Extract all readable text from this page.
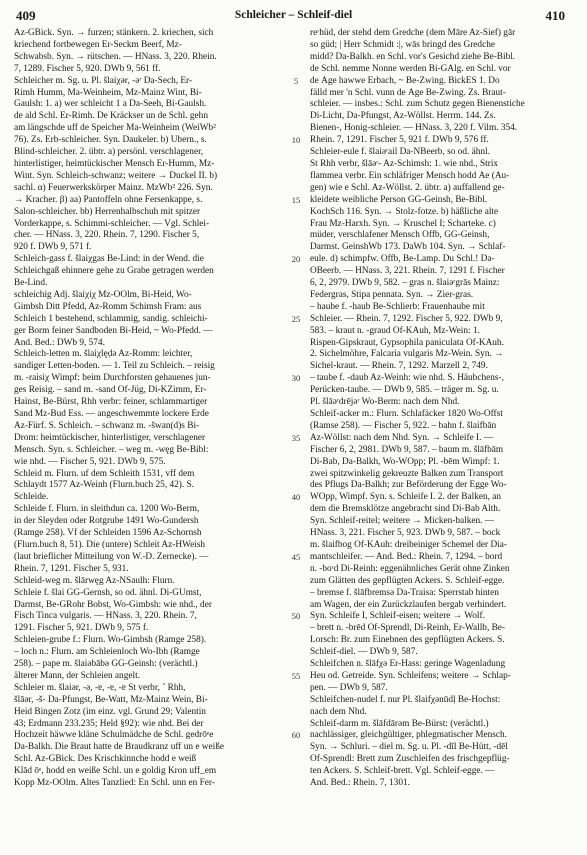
409	Schleicher – Schleif-diel	410
Az-GBick. Syn. → furzen; stänkern. 2. kriechen, sich
kriechend fortbewegen Er-Seckm Beerf, Mz-
Schwabsb. Syn. → rütschen. — HNass. 3, 220. Rhein.
7, 1289. Fischer 5, 920. DWb 9, 561 ff.
Schleicher m. Sg. u. Pl. šlaiχər, -əʳ Da-Sech, Er-
Rimh Humm, Ma-Weinheim, Mz-Mainz Wint, Bi-
Gaulsh: 1. a) wer schleicht 1 a Da-Seeh, Bi-Gaulsh.
de ald Schl. Er-Rimh. De Kräckser un de Schl. gehn
am längschde uff de Speicher Ma-Weinheim (WeiWb²
76). Zs. Erb-schleicher. Syn. Daukeler. b) Übern., s.
Blind-schleicher. 2. übtr. a) persönl. verschlagener,
hinterlistiger, heimtückischer Mensch Er-Humm, Mz-
Wint. Syn. Schleich-schwanz; weitere → Duckel II. b)
sachl. α) Feuerwerkskörper Mainz. MzWb² 226. Syn.
→ Kracher. β) aa) Pantoffeln ohne Fersenkappe, s.
Salon-schleicher. bb) Herrenhalbschuh mit spitzer
Vorderkappe, s. Schimmi-schleicher. — Vgl. Schlei-
cher. — HNass. 3, 220. Rhein. 7, 1290. Fischer 5,
920 f. DWb 9, 571 f.
Schleich-gass f. šlaiχgas Be-Lind: in der Wend. die
Schleichgaß ehinnere gehe zu Grabe getragen werden
Be-Lind.
schleichig Adj. šlaiχiχ Mz-OOlm, Bi-Heid, Wo-
Gimbsh Ditt Pfedd, Az-Romm Schimsh Fram: aus
Schleich 1 bestehend, schlammig, sandig. schleichi-
ger Borm feiner Sandboden Bi-Heid, ~ Wo-Pfedd. —
And. Bed.: DWb 9, 574.
Schleich-letten m. šlaiχlęḍə Az-Romm: leichter,
sandiger Letten-boden. — 1. Teil zu Schleich. – reisig
m. -raisiχ Wimpf: beim Durchforsten gehauenes jun-
ges Reisig. – sand m. -sand Of-Jüg, Di-KZimm, Er-
Hainst, Be-Bürst, Rhh verbr: feiner, schlammartiger
Sand Mz-Bud Ess. — angeschwemmte lockere Erde
Az-Fürf. S. Schleich. – schwanz m. -šwan(d)s Bi-
Drom: heimtückischer, hinterlistiger, verschlagener
Mensch. Syn. s. Schleicher. – weg m. -węg Be-Bibl:
wie nhd. — Fischer 5, 921. DWb 9, 575.
Schleid m. Flurn. uf dem Schleith 1531, vff dem
Schlaydt 1577 Az-Weinh (Flurn.buch 25, 42). S.
Schleide.
Schleide f. Flurn. in sleithdun ca. 1200 Wo-Berm,
in der Sleyden oder Rotgrube 1491 Wo-Gundersh
(Ramge 258). Vf der Schleiden 1596 Az-Schornsh
(Flurn.buch 8, 51). Die (untere) Schleit Az-HWeish
(laut brieflicher Mitteilung von W.-D. Zernecke). —
Rhein. 7, 1291. Fischer 5, 931.
Schleid-weg m. šlārwęg Az-NSaulh: Flurn.
Schleie f. šlai GG-Gernsh, so od. ähnl. Di-GUmst,
Darmst, Be-GRohr Bobst, Wo-Gimbsh: wie nhd., der
Fisch Tinca vulgaris. — HNass. 3, 220. Rhein. 7,
1291. Fischer 5, 921. DWb 9, 575 f.
Schleien-grube f.: Flurn. Wo-Gimbsh (Ramge 258).
– loch n.: Flurn. am Schleienloch Wo-Ibh (Ramge
258). – pape m. šlaiəbābə GG-Geinsh: (verächtl.)
älterer Mann, der Schleien angelt.
Schleier m. šlaiər, -ə, -ɐ, -ɐ, -ɐ St verbr, ˚ Rhh,
šlāər, -š- Da-Pfungst, Be-Watt, Mz-Mainz Wein, Bi-
Heid Bingen Zotz (im einz. vgl. Grund 29; Valentin
43; Erdmann 233.235; Held §92): wie nhd. Bei der
Hochzeit häwwe kläne Schulmädche de Schl. gedrōᵉe
Da-Balkh. Die Braut hatte de Braudkranz uff un e weiße
Schl. Az-GBick. Des Krischkinnche hodd e weiß
Klād ōᵉ, hodd en weiße Schl. un e goldig Kron uff_em
Kopp Mz-OOlm. Altes Tanzlied: En Schl. unn en Fer-
5
10
15
20
25
30
35
40
45
50
55
60
reʳhüd, der stehd dem Gredche (dem Māre Az-Sief) gār
so güd; | Herr Schmidt :|, wās bringd des Gredche
midd? Da-Balkh. en Schl. vor's Gesichd ziehe Be-Bibl.
de Schl. nemme Nonne werden Bi-GAlg. en Schl. vor
de Äge hawwe Erbach, ~ Be-Zwing. BickES 1. Do
fälld mer 'n Schl. vunn de Äge Be-Zwing. Zs. Braut-
schleier. — insbes.: Schl. zum Schutz gegen Bienenstiche
Di-Licht, Da-Pfungst, Az-Wöllst. Herrm. 144. Zs.
Bienen-, Honig-schleier. — HNass. 3, 220 f. Vilm. 354.
Rhein. 7, 1291. Fischer 5, 921 f. DWb 9, 576 ff.
Schleier-eule f. šlaiəʳail Da-NBeerb, so od. ähnl.
St Rhh verbr, šlāəʳ- Az-Schimsh: 1. wie nhd., Strix
flammea verbr. Ein schläfriger Mensch hodd Āe (Au-
gen) wie e Schl. Az-Wöllst. 2. übtr. a) auffallend ge-
kleidete weibliche Person GG-Geinsh, Be-Bibl.
KochSch 116. Syn. → Stolz-fotze. b) häßliche alte
Frau Mz-Harxh. Syn. → Kruschel I; Scharteke. c)
müder, verschlafener Mensch Offb, GG-Geinsh,
Darmst. GeinshWb 173. DaWb 104. Syn. → Schlaf-
eule. d) schimpfw. Offb, Be-Lamp. Du Schl.! Da-
OBeerb. — HNass. 3, 221. Rhein. 7, 1291 f. Fischer
6, 2, 2979. DWb 9, 582. – gras n. šlaiəʳgrās Mainz:
Federgras, Stipa pennata. Syn. → Zier-gras.
– haube f. -haub Be-Schlierb: Frauenhaube mit
Schleier. — Rhein. 7, 1292. Fischer 5, 922. DWb 9,
583. – kraut n. -graud Of-KAuh, Mz-Wein: 1.
Rispen-Gipskraut, Gypsophila paniculata Of-KAuh.
2. Sichelmöhre, Falcaria vulgaris Mz-Wein. Syn. →
Sichel-kraut. — Rhein. 7, 1292. Marzell 2, 749.
– taube f. -daub Az-Weinh: wie nhd. S. Häubchens-,
Perücken-taube. — DWb 9, 585. – träger m. Sg. u.
Pl. šlāəʳdrējəʳ Wo-Berm: nach dem Nhd.
Schleif-acker m.: Flurn. Schlafäcker 1820 Wo-Offst
(Ramse 258). — Fischer 5, 922. – bahn f. šlaifbān
Az-Wöllst: nach dem Nhd. Syn. → Schleife I. —
Fischer 6, 2, 2981. DWb 9, 587. – baum m. šlāfbām
Di-Bab, Da-Balkh, Wo-WOpp; Pl. -bēm Wimpf: 1.
zwei spitzwinkelig gekreuzte Balken zum Transport
des Pflugs Da-Balkh; zur Beförderung der Egge Wo-
WOpp, Wimpf. Syn. s. Schleife I. 2. der Balken, an
dem die Bremsklötze angebracht sind Di-Bab Alth.
Syn. Schleif-reitel; weitere → Micken-balken. —
HNass. 3, 221. Fischer 5, 923. DWb 9, 587. – bock
m. šlaifbog Of-KAuh: dreibeiniger Schemel der Dia-
mantschleifer. — And. Bed.: Rhein. 7, 1294. – bord
n. -boʳd Di-Reinh: eggenähnliches Gerät ohne Zinken
zum Glätten des gepflügten Ackers. S. Schleif-egge.
– bremse f. šlāfbremsə Da-Traisa: Sperrstab hinten
am Wagen, der ein Zurückzlaufen bergab verhindert.
Syn. Schleife I, Schleif-eisen; weitere → Wolf.
– brett n. -brēd Of-Sprendl, Di-Reinh, Er-Wallb, Be-
Lorsch: Br. zum Einebnen des gepflügten Ackers. S.
Schleif-diel. — DWb 9, 587.
Schleifchen n. šlāfχə Er-Hass: geringe Wagenladung
Heu od. Getreide. Syn. Schleifens; weitere → Schlap-
pen. — DWb 9, 587.
Schleifchen-nudel f. nur Pl. šlaifχənūdḷ Be-Hochst:
nach dem Nhd.
Schleif-darm m. šlāfdārəm Be-Bürst: (verächtl.)
nachlässiger, gleichgültiger, phlegmatischer Mensch.
Syn. → Schluri. – diel m. Sg. u. Pl. -dīl Be-Hütt, -dēl
Of-Sprendl: Brett zum Zuschleifen des frischgepflüg-
ten Ackers. S. Schleif-brett. Vgl. Schleif-egge. —
And. Bed.: Rhein. 7, 1301.
